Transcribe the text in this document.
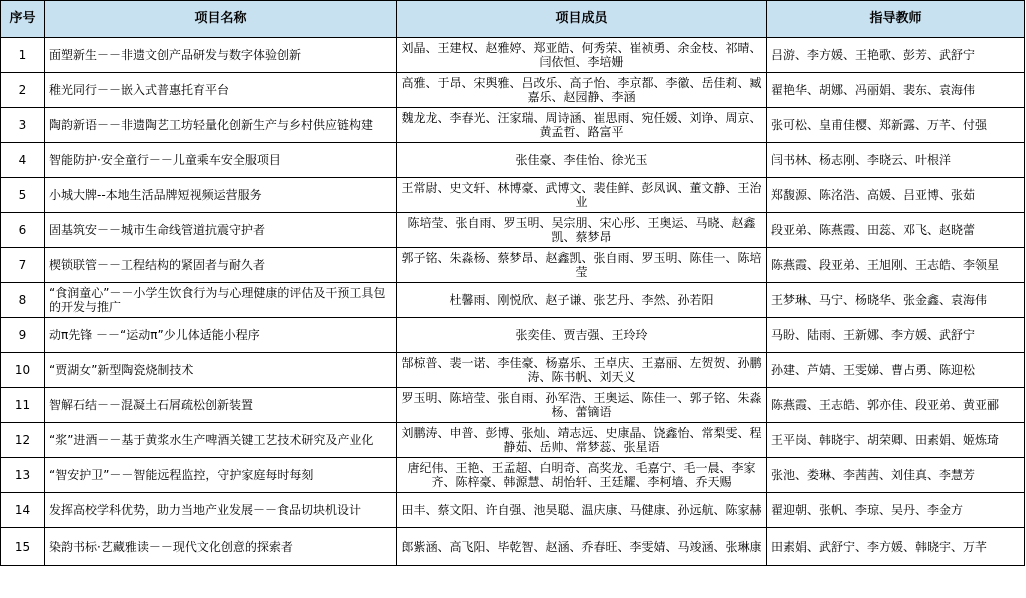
序号	项目名称	项目成员	指导教师
1	面塑新生－－非遗文创产品研发与数字体验创新	刘晶、王建权、赵雅婷、郑亚皓、何秀荣、崔祯勇、余金枝、祁晴、闫依恒、李培姗	吕游、李方媛、王艳歌、彭芳、武舒宁
2	稚光同行－－嵌入式普惠托育平台	高雅、于昂、宋舆雅、吕改乐、高子怡、李京都、李徽、岳佳莉、臧嘉乐、赵园静、李涵	翟艳华、胡娜、冯丽娟、裴东、袁海伟
3	陶韵新语－－非遗陶艺工坊轻量化创新生产与乡村供应链构建	魏龙龙、李春光、汪家瑞、周诗涵、崔思雨、宛任媛、刘诤、周京、黄孟哲、路富平	张可松、皇甫佳樱、郑新露、万芊、付强
4	智能防护·安全童行－－儿童乘车安全服项目	张佳豪、李佳怡、徐光玉	闫书林、杨志刚、李晓云、叶根洋
5	小城大牌--本地生活品牌短视频运营服务	王常尉、史文轩、林博豪、武博文、裴佳鲜、彭凤讽、董文静、王治业	郑馥源、陈洺浩、高媛、吕亚博、张茹
6	固基筑安－－城市生命线管道抗震守护者	陈培莹、张自雨、罗玉明、吴宗朋、宋心彤、王奥运、马晓、赵鑫凯、蔡梦昂	段亚弟、陈燕霞、田蕊、邓飞、赵晓蕾
7	楔锁联管－－工程结构的紧固者与耐久者	郭子铭、朱淼杨、蔡梦昂、赵鑫凯、张自雨、罗玉明、陈佳一、陈培莹	陈燕霞、段亚弟、王旭刚、王志皓、李领星
8	“食润童心”－－小学生饮食行为与心理健康的评估及干预工具包的开发与推广	杜馨雨、刚悦欣、赵子谦、张艺丹、李然、孙若阳	王梦琳、马宁、杨晓华、张金鑫、袁海伟
9	动π先锋 －－“运动π”少儿体适能小程序	张奕佳、贾吉强、王玲玲	马盼、陆雨、王新娜、李方媛、武舒宁
10	“贾湖女”新型陶瓷烧制技术	郜椋普、裴一诺、李佳豪、杨嘉乐、王卓庆、王嘉丽、左贺贺、孙鹏涛、陈书帆、刘天义	孙建、芦婧、王雯娣、曹占勇、陈迎松
11	智解石结－－混凝土石屑疏松创新装置	罗玉明、陈培莹、张自雨、孙军浩、王奥运、陈佳一、郭子铭、朱淼杨、蕾镝语	陈燕霞、王志皓、郭亦佳、段亚弟、黄亚郦
12	“浆”进酒－－基于黄浆水生产啤酒关键工艺技术研究及产业化	刘鹏涛、申普、彭博、张灿、靖志远、史康晶、饶鑫怡、常梨雯、程静茹、岳帅、常梦蕊、张星语	王平岗、韩晓宇、胡荣卿、田素娟、姬炼琦
13	“智安护卫”－－智能远程监控，守护家庭每时每刻	唐纪伟、王艳、王孟超、白明奇、高奖龙、毛嘉宁、毛一晨、李家齐、陈梓豪、韩源慧、胡怡轩、王廷耀、李柯墙、乔天赐	张池、娄琳、李茜茜、刘佳真、李慧芳
14	发挥高校学科优势，助力当地产业发展－－食品切块机设计	田丰、蔡文阳、许自强、池昊聪、温庆康、马健康、孙远航、陈家赫	翟迎朝、张帆、李琼、吴丹、李金方
15	染韵书标·艺藏雅读－－现代文化创意的探索者	郎紫涵、高飞阳、毕乾智、赵涵、乔春旺、李雯婧、马竣涵、张琳康	田素娟、武舒宁、李方媛、韩晓宇、万芊
